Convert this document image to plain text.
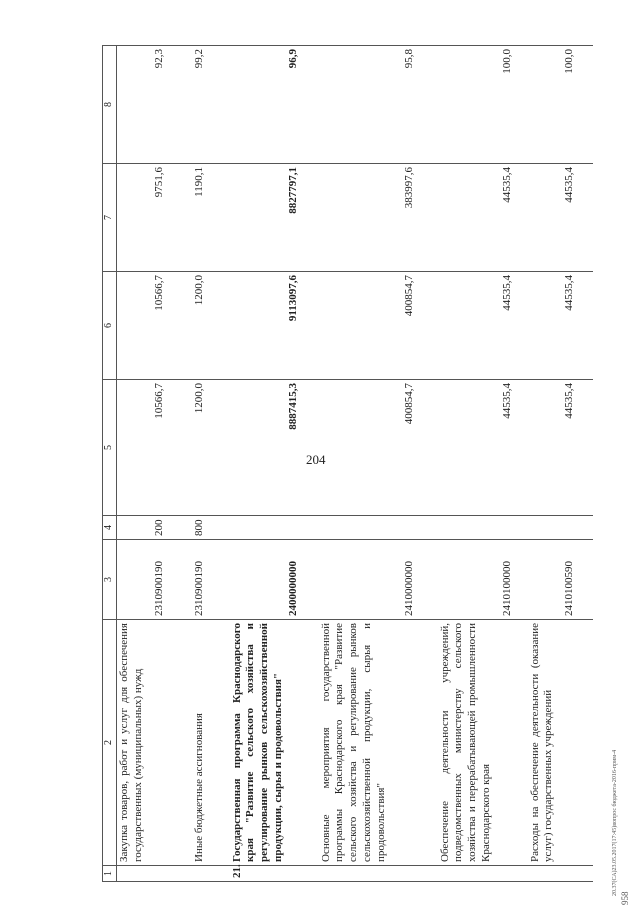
204
1	2	3	4	5	6	7	8
	Закупка товаров, работ и услуг для обеспечения государственных (муниципальных) нужд	2310900190	200	10566,7	10566,7	9751,6	92,3
	Иные бюджетные ассигнования	2310900190	800	1200,0	1200,0	1190,1	99,2
21.	Государственная программа Краснодарского края "Развитие сельского хозяйства и регулирование рынков сельскохозяйственной продукции, сырья и продовольствия"	2400000000		8887415,3	9113097,6	8827797,1	96,9
	Основные мероприятия государственной программы Краснодарского края "Развитие сельского хозяйства и регулирование рынков сельскохозяйственной продукции, сырья и продовольствия"	2410000000		400854,7	400854,7	383997,6	95,8
	Обеспечение деятельности учреждений, подведомственных министерству сельского хозяйства и перерабатывающей промышленности Краснодарского края	2410100000		44535,4	44535,4	44535,4	100,0
	Расходы на обеспечение деятельности (оказание услуг) государственных учреждений	2410100590		44535,4	44535,4	44535,4	100,0
20.37(СА)23.05.2017(17:45)вопрос бюджета-2016-прим-4
958
